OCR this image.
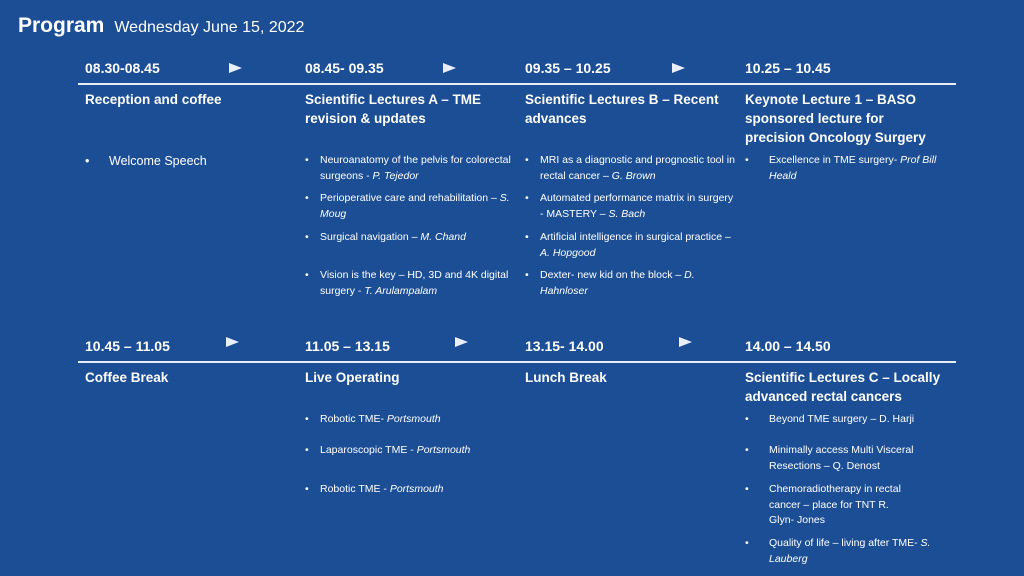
Program Wednesday June 15, 2022
08.30-08.45	08.45- 09.35	09.35 – 10.25	10.25 – 10.45
Reception and coffee	Scientific Lectures A – TME revision & updates
Scientific Lectures B – Recent advances
Keynote Lecture 1 – BASO sponsored lecture for precision Oncology Surgery
• Welcome Speech
•	Neuroanatomy of the pelvis for colorectal surgeons - P. Tejedor
• Perioperative care and rehabilitation – S. Moug
• Surgical navigation – M. Chand
• Vision is the key – HD, 3D and 4K digital surgery - T. Arulampalam
• MRI as a diagnostic and prognostic tool in rectal cancer – G. Brown
• Automated performance matrix in surgery - MASTERY – S. Bach
• Artificial intelligence in surgical practice – A. Hopgood
• Dexter- new kid on the block – D. Hahnloser
• Excellence in TME surgery- Prof Bill Heald
10.45 – 11.05	11.05 – 13.15	13.15- 14.00	14.00 – 14.50
Coffee Break	Live Operating	Lunch Break	Scientific Lectures C – Locally advanced rectal cancers
• Robotic TME- Portsmouth
• Laparoscopic TME - Portsmouth
• Robotic TME - Portsmouth
• Beyond TME surgery – D. Harji
• Minimally access Multi Visceral Resections – Q. Denost
• Chemoradiotherapy in rectal cancer – place for TNT R. Glyn- Jones
• Quality of life – living after TME- S. Lauberg
